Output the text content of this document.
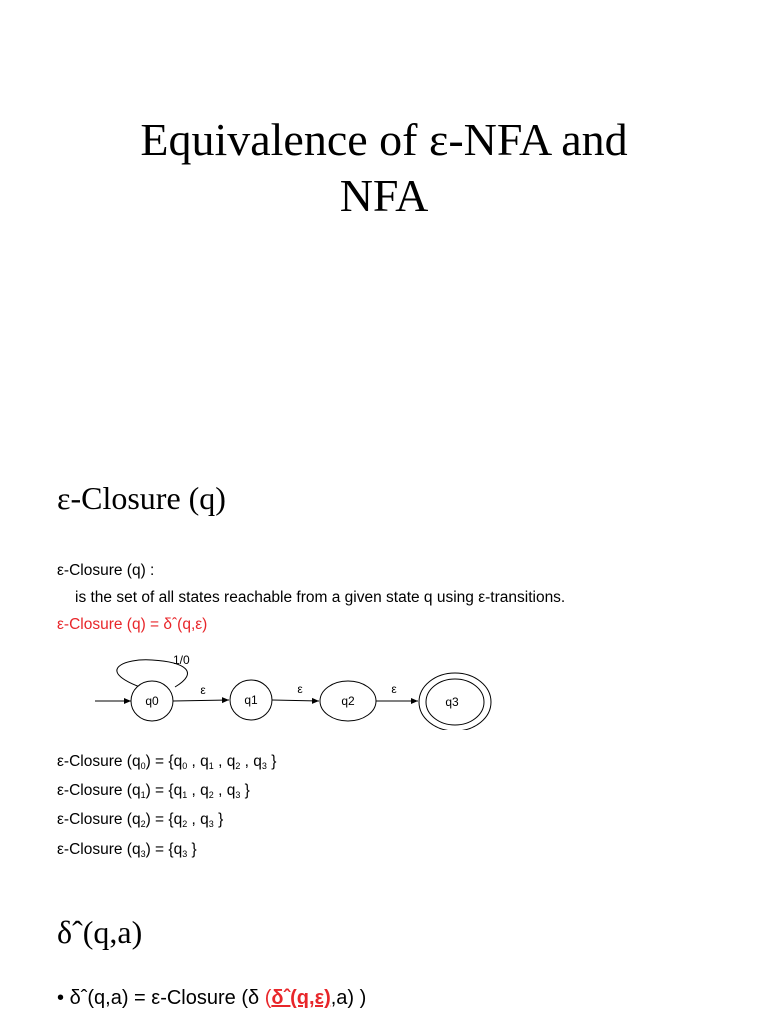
Equivalence of ε-NFA and
NFA
ε-Closure (q)
ε-Closure (q) :
is the set of all states reachable from a given state q using ε-transitions.
ε-Closure (q) = δˆ(q,ε)
1/0
q0	q1	q2	q3
ε	ε	ε
ε-Closure $(q_0) = \{q_0$ , $q_1$ , $q_2$ , $q_3$ }
ε-Closure $(q_1) = \{q_1$ , $q_2$ , $q_3$ }
ε-Closure $(q_2) = \{q_2$ , $q_3$ }
ε-Closure $(q_3) = \{q_3$ }
δˆ(q,a)
• δˆ(q,a) = ε-Closure (δ (δˆ(q,ε),a) )
